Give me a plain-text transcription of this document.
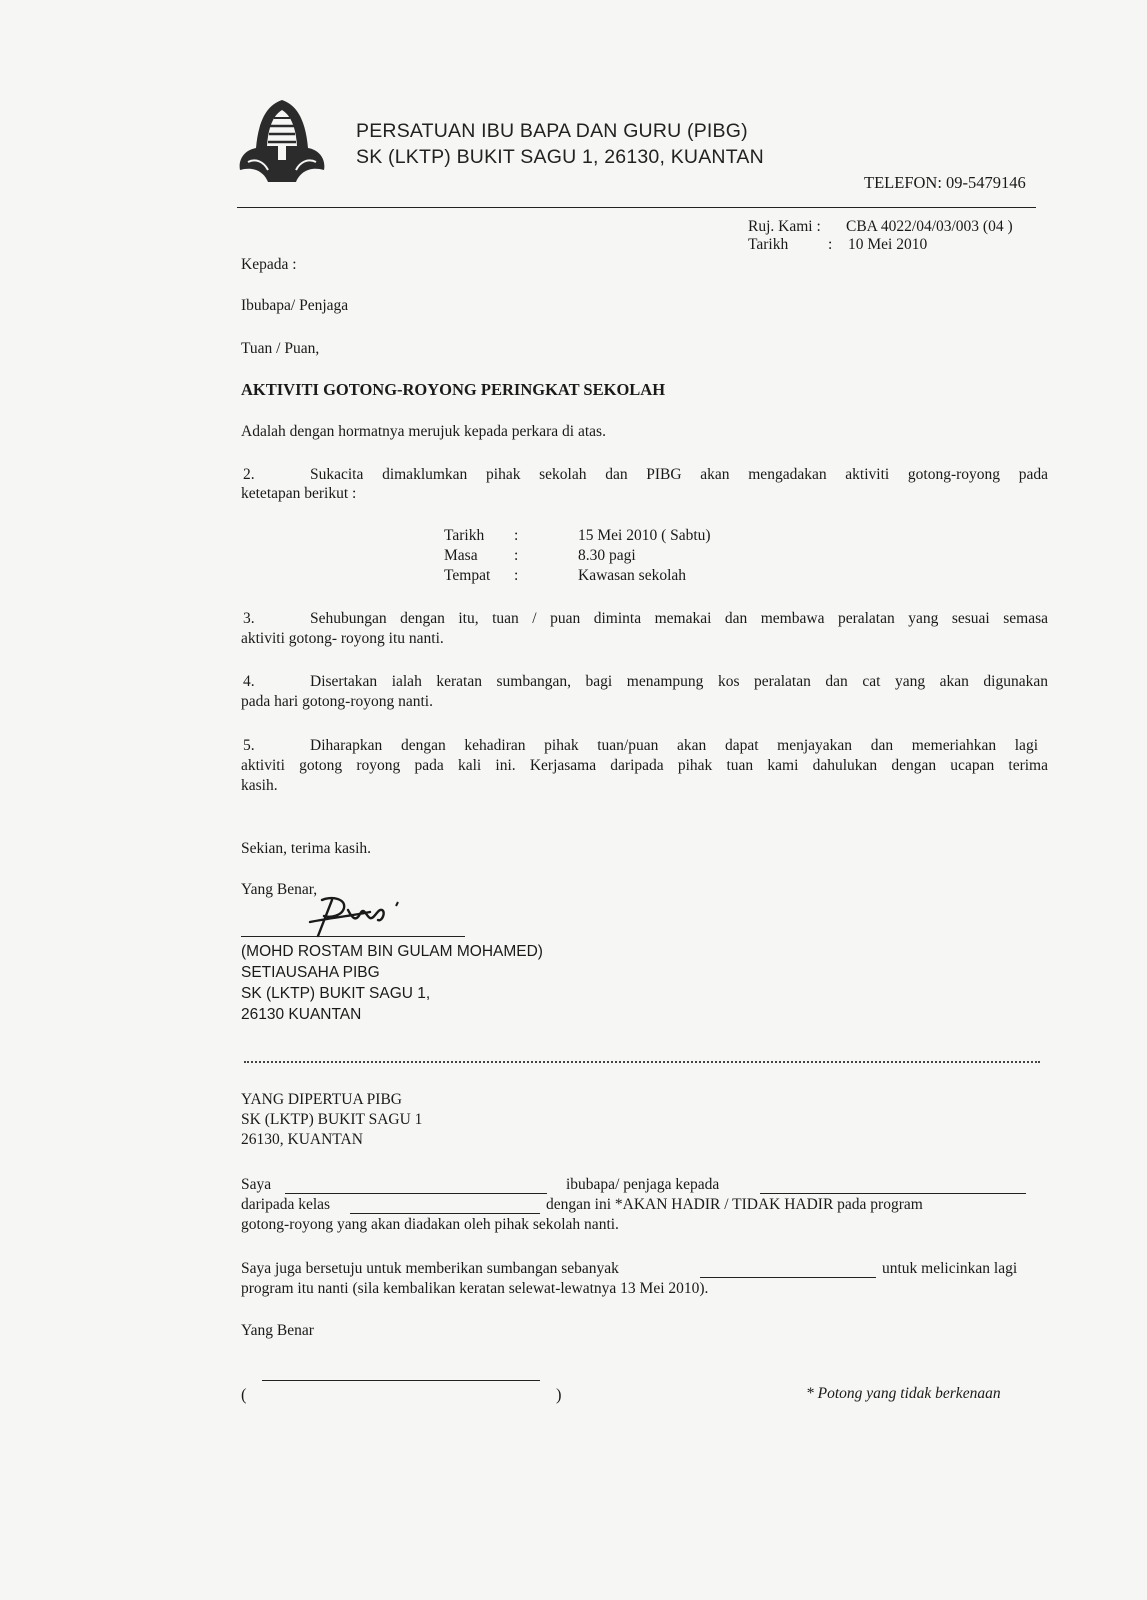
PERSATUAN IBU BAPA DAN GURU (PIBG)
SK (LKTP) BUKIT SAGU 1, 26130, KUANTAN
TELEFON: 09-5479146
Ruj. Kami : CBA 4022/04/03/003 (04 )
Tarikh	: 10 Mei 2010
Kepada :
Ibubapa/ Penjaga
Tuan / Puan,
AKTIVITI GOTONG-ROYONG PERINGKAT SEKOLAH
Adalah dengan hormatnya merujuk kepada perkara di atas.
2.	Sukacita dimaklumkan pihak sekolah dan PIBG akan mengadakan aktiviti gotong-royong pada
ketetapan berikut :
Tarikh :	15 Mei 2010 ( Sabtu)
Masa :	8.30 pagi
Tempat :	Kawasan sekolah
3.	Sehubungan dengan itu, tuan / puan diminta memakai dan membawa peralatan yang sesuai semasa
aktiviti gotong- royong itu nanti.
4.	Disertakan ialah keratan sumbangan, bagi menampung kos peralatan dan cat yang akan digunakan
pada hari gotong-royong nanti.
5.	Diharapkan dengan kehadiran pihak tuan/puan akan dapat menjayakan dan memeriahkan lagi
aktiviti gotong royong pada kali ini. Kerjasama daripada pihak tuan kami dahulukan dengan ucapan terima
kasih.
Sekian, terima kasih.
Yang Benar,
(MOHD ROSTAM BIN GULAM MOHAMED)
SETIAUSAHA PIBG
SK (LKTP) BUKIT SAGU 1,
26130 KUANTAN
YANG DIPERTUA PIBG
SK (LKTP) BUKIT SAGU 1
26130, KUANTAN
Saya	ibubapa/ penjaga kepada
daripada kelas	dengan ini *AKAN HADIR / TIDAK HADIR pada program
gotong-royong yang akan diadakan oleh pihak sekolah nanti.
Saya juga bersetuju untuk memberikan sumbangan sebanyak	untuk melicinkan lagi
program itu nanti (sila kembalikan keratan selewat-lewatnya 13 Mei 2010).
Yang Benar
(	)	* Potong yang tidak berkenaan
